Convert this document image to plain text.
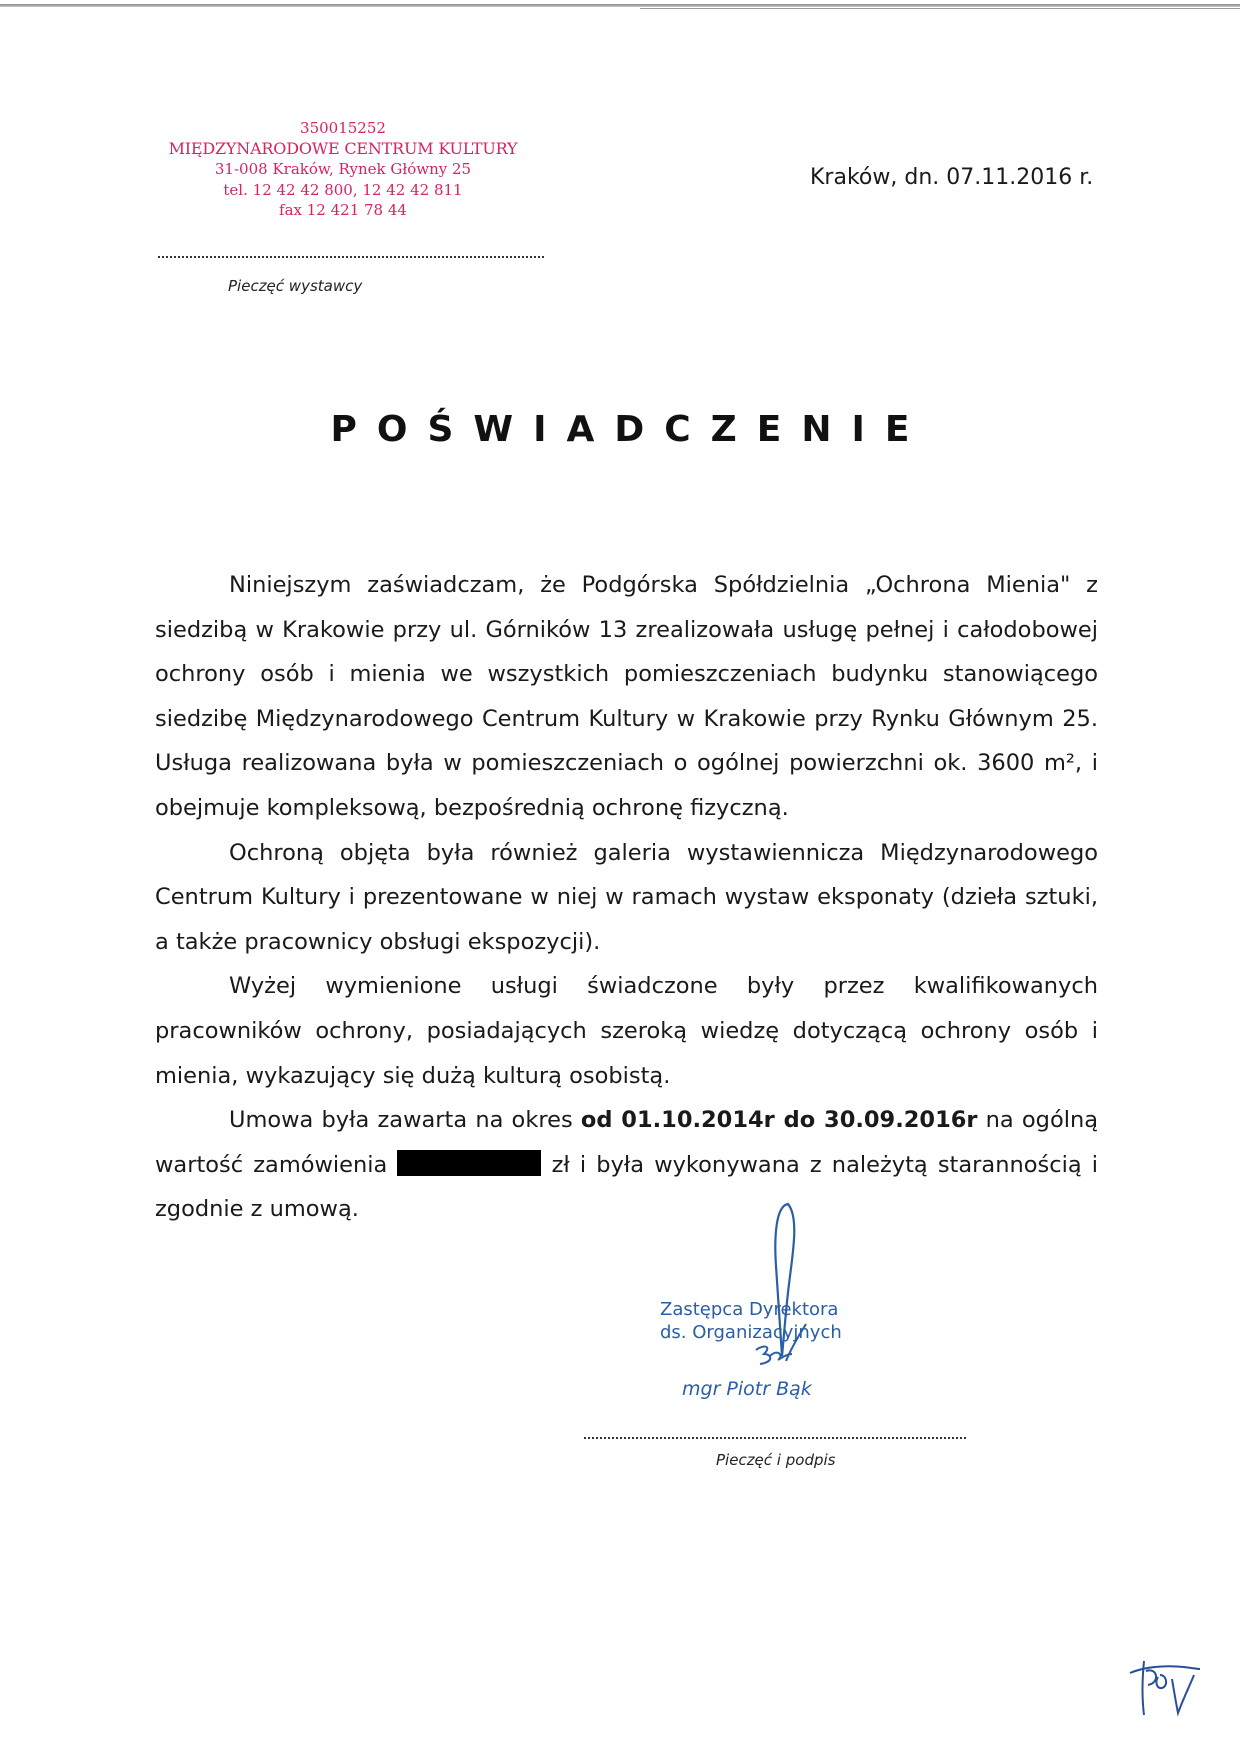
350015252
MIĘDZYNARODOWE CENTRUM KULTURY
31-008 Kraków, Rynek Główny 25
tel. 12 42 42 800, 12 42 42 811
fax 12 421 78 44
Kraków, dn. 07.11.2016 r.
Pieczęć wystawcy
POŚWIADCZENIE

Niniejszym zaświadczam, że Podgórska Spółdzielnia „Ochrona Mienia" z siedzibą w Krakowie przy ul. Górników 13 zrealizowała usługę pełnej i całodobowej ochrony osób i mienia we wszystkich pomieszczeniach budynku stanowiącego siedzibę Międzynarodowego Centrum Kultury w Krakowie przy Rynku Głównym 25. Usługa realizowana była w pomieszczeniach o ogólnej powierzchni ok. 3600 m², i obejmuje kompleksową, bezpośrednią ochronę fizyczną.

Ochroną objęta była również galeria wystawiennicza Międzynarodowego Centrum Kultury i prezentowane w niej w ramach wystaw eksponaty (dzieła sztuki, a także pracownicy obsługi ekspozycji).

Wyżej wymienione usługi świadczone były przez kwalifikowanych pracowników ochrony, posiadających szeroką wiedzę dotyczącą ochrony osób i mienia, wykazujący się dużą kulturą osobistą.

Umowa była zawarta na okres od 01.10.2014r do 30.09.2016r na ogólną wartość zamówienia	zł i była wykonywana z należytą starannością i zgodnie z umową.

Zastępca Dyrektora
ds. Organizacyjnych
mgr Piotr Bąk
Pieczęć i podpis
